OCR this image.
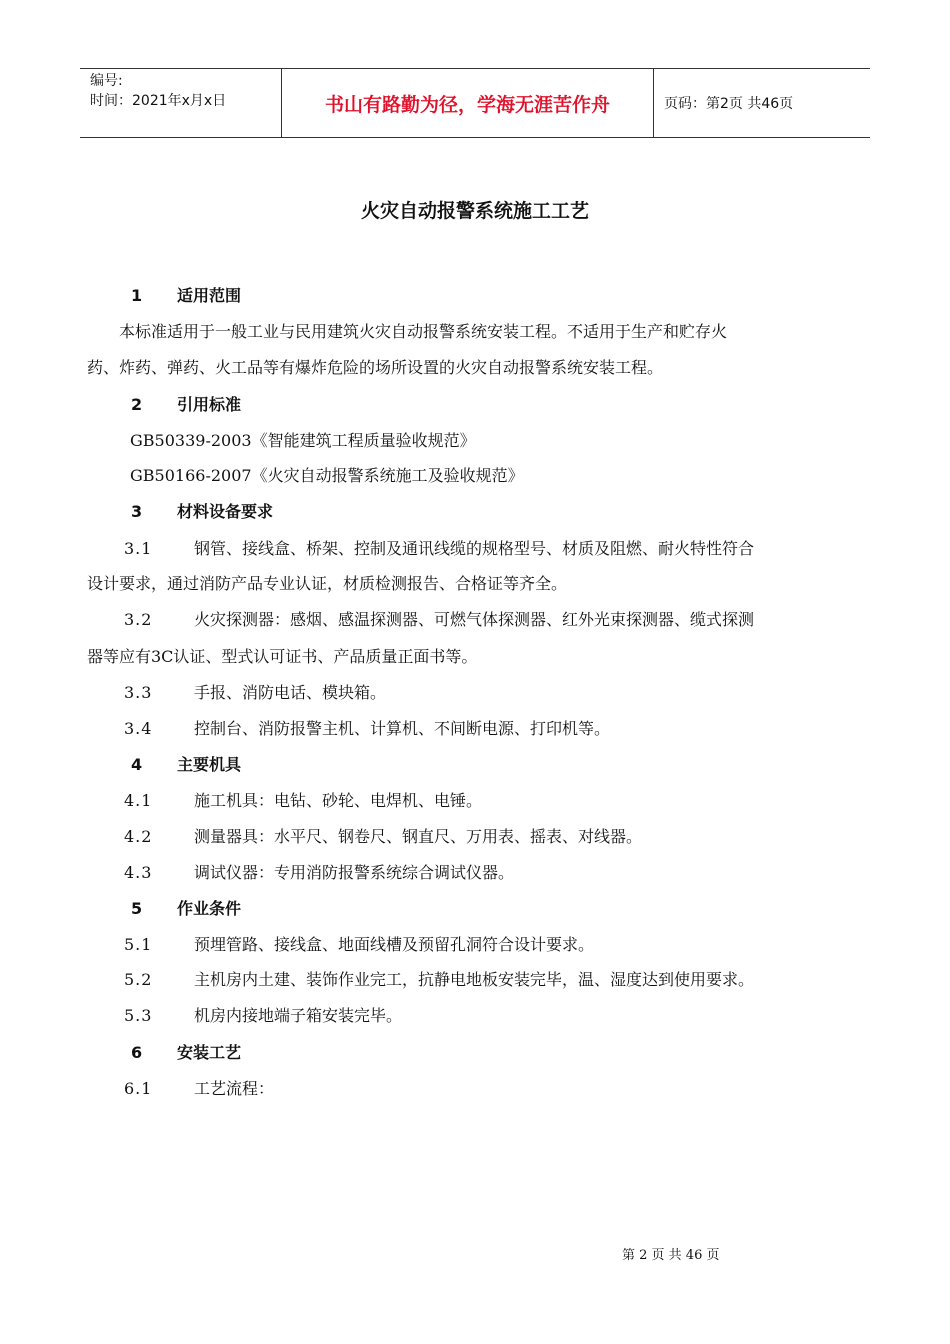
编号:
时间：2021年x月x日	书山有路勤为径，学海无涯苦作舟	页码：第2页 共46页
火灾自动报警系统施工工艺
1 适用范围
本标准适用于一般工业与民用建筑火灾自动报警系统安装工程。不适用于生产和贮存火
药、炸药、弹药、火工品等有爆炸危险的场所设置的火灾自动报警系统安装工程。
2 引用标准
GB50339-2003《智能建筑工程质量验收规范》
GB50166-2007《火灾自动报警系统施工及验收规范》
3 材料设备要求
3.1	钢管、接线盒、桥架、控制及通讯线缆的规格型号、材质及阻燃、耐火特性符合
设计要求，通过消防产品专业认证，材质检测报告、合格证等齐全。
3.2	火灾探测器：感烟、感温探测器、可燃气体探测器、红外光束探测器、缆式探测
器等应有3C认证、型式认可证书、产品质量正面书等。
3.3	手报、消防电话、模块箱。
3.4	控制台、消防报警主机、计算机、不间断电源、打印机等。
4 主要机具
4.1	施工机具：电钻、砂轮、电焊机、电锤。
4.2	测量器具：水平尺、钢卷尺、钢直尺、万用表、摇表、对线器。
4.3	调试仪器：专用消防报警系统综合调试仪器。
5 作业条件
5.1	预埋管路、接线盒、地面线槽及预留孔洞符合设计要求。
5.2	主机房内土建、装饰作业完工，抗静电地板安装完毕，温、湿度达到使用要求。
5.3	机房内接地端子箱安装完毕。
6 安装工艺
6.1	工艺流程：
第 2 页 共 46 页
